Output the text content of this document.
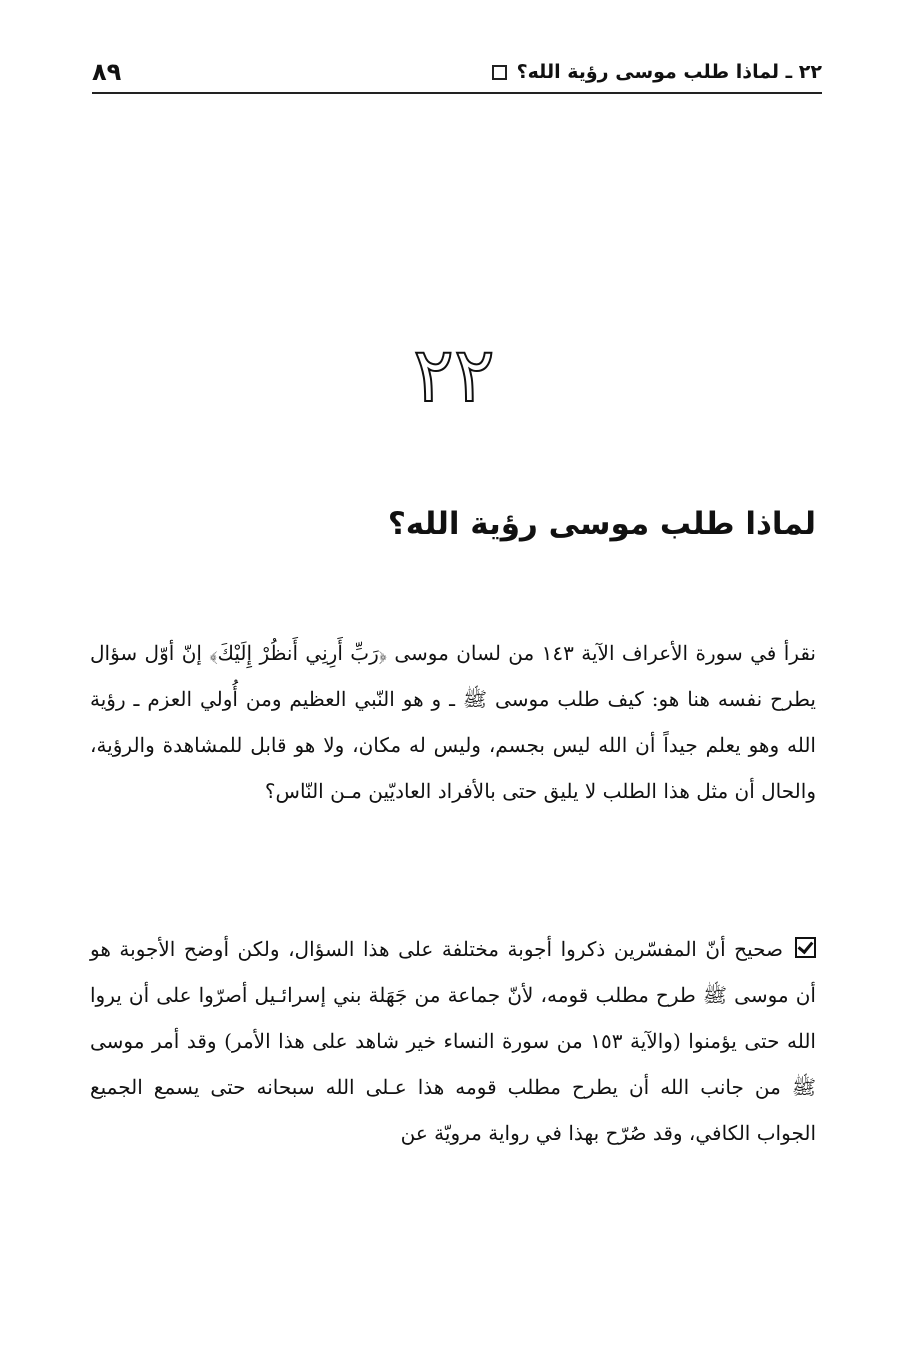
٨٩	٢٢ ـ لماذا طلب موسى رؤية الله؟
٢٢
لماذا طلب موسى رؤية الله؟

نقرأ في سورة الأعراف الآية ١٤٣ من لسان موسى ﴿رَبِّ أَرِنِي أَنظُرْ إِلَيْكَ﴾ إنّ أوّل سؤال يطرح نفسه هنا هو: كيف طلب موسى ﷺ ـ و هو النّبي العظيم ومن أُولي العزم ـ رؤية الله وهو يعلم جيداً أن الله ليس بجسم، وليس له مكان، ولا هو قابل للمشاهدة والرؤية، والحال أن مثل هذا الطلب لا يليق حتى بالأفراد العاديّين مـن النّاس؟

صحيح أنّ المفسّرين ذكروا أجوبة مختلفة على هذا السؤال، ولكن أوضح الأجوبة هو أن موسى ﷺ طرح مطلب قومه، لأنّ جماعة من جَهَلة بني إسرائـيل أصرّوا على أن يروا الله حتى يؤمنوا (والآية ١٥٣ من سورة النساء خير شاهد على هذا الأمر) وقد أمر موسى ﷺ من جانب الله أن يطرح مطلب قومه هذا عـلى الله سبحانه حتى يسمع الجميع الجواب الكافي، وقد صُرّح بهذا في رواية مرويّة عن
